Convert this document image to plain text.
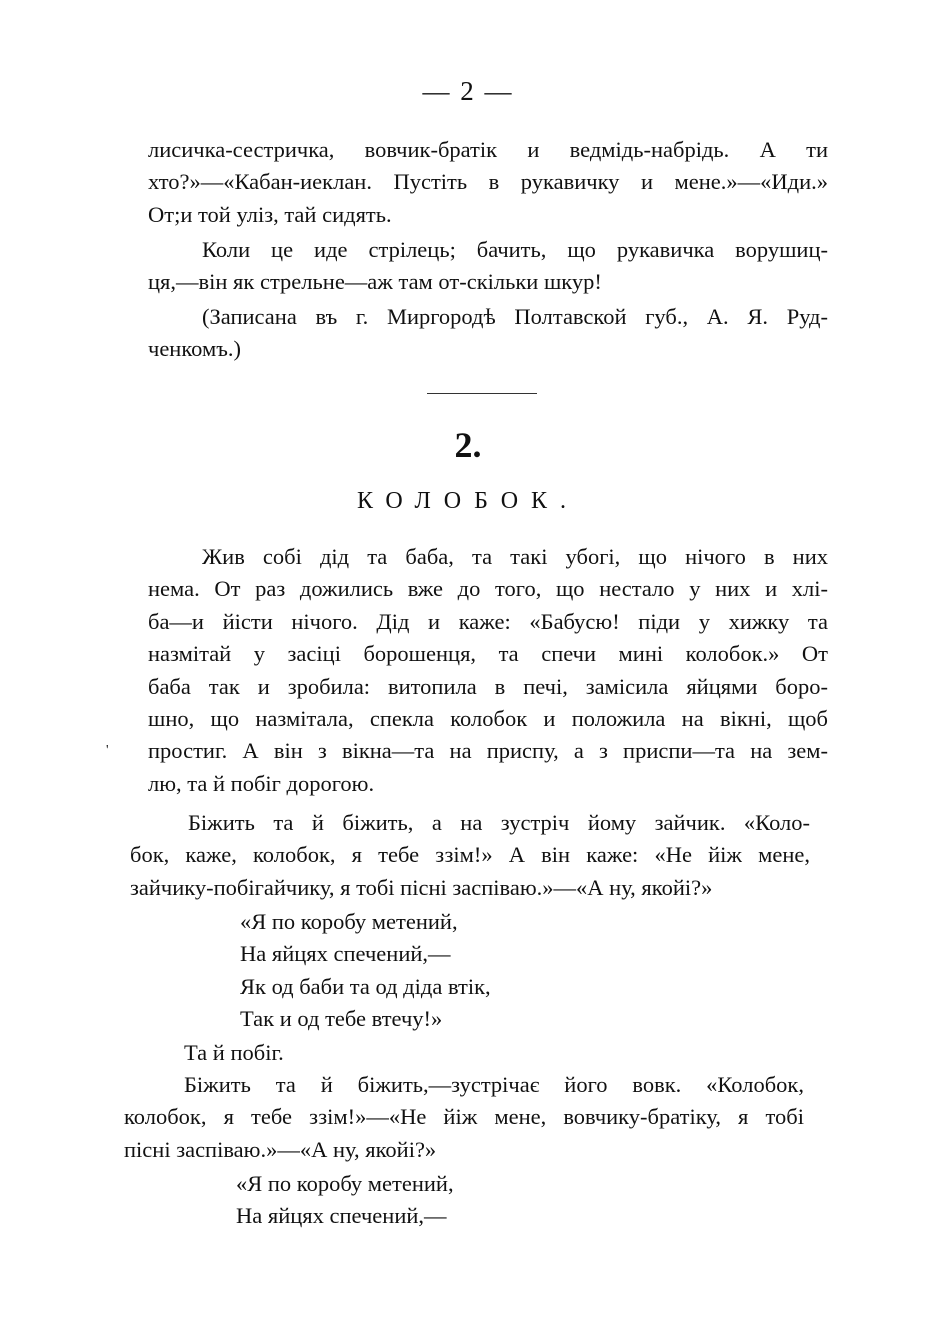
— 2 —
лисичка-сестричка, вовчик-братік и ведмідь-набрідь. А ти
хто?»—«Кабан-иеклан. Пустіть в рукавичку и мене.»—«Иди.»
От;и той уліз, тай сидять.
Коли це иде стрілець; бачить, що рукавичка ворушиц-
ця,—він як стрельне—аж там от-скільки шкур!
(Записана въ г. Миргородѣ Полтавской губ., А. Я. Руд-
ченкомъ.)
2.
КОЛОБОК.
Жив собі дід та баба, та такі убогі, що нічого в них
нема. От раз дожились вже до того, що нестало у них и хлі-
ба—и йісти нічого. Дід и каже: «Бабусю! піди у хижку та
назмітай у засіці борошенця, та спечи мині колобок.» От
баба так и зробила: витопила в печі, замісила яйцями боро-
шно, що назмітала, спекла колобок и положила на вікні, щоб
простиг. А він з вікна—та на приспу, а з приспи—та на зем-
лю, та й побіг дорогою.
'
Біжить та й біжить, а на зустріч йому зайчик. «Коло-
бок, каже, колобок, я тебе ззім!» А він каже: «Не йіж мене,
зайчику-побігайчику, я тобі пісні заспіваю.»—«А ну, якойі?»
«Я по коробу метений,
На яйцях спечений,—
Як од баби та од діда втік,
Так и од тебе втечу!»
Та й побіг.
Біжить та й біжить,—зустрічає його вовк. «Колобок,
колобок, я тебе ззім!»—«Не йіж мене, вовчику-братіку, я тобі
пісні заспіваю.»—«А ну, якойі?»
«Я по коробу метений,
На яйцях спечений,—
